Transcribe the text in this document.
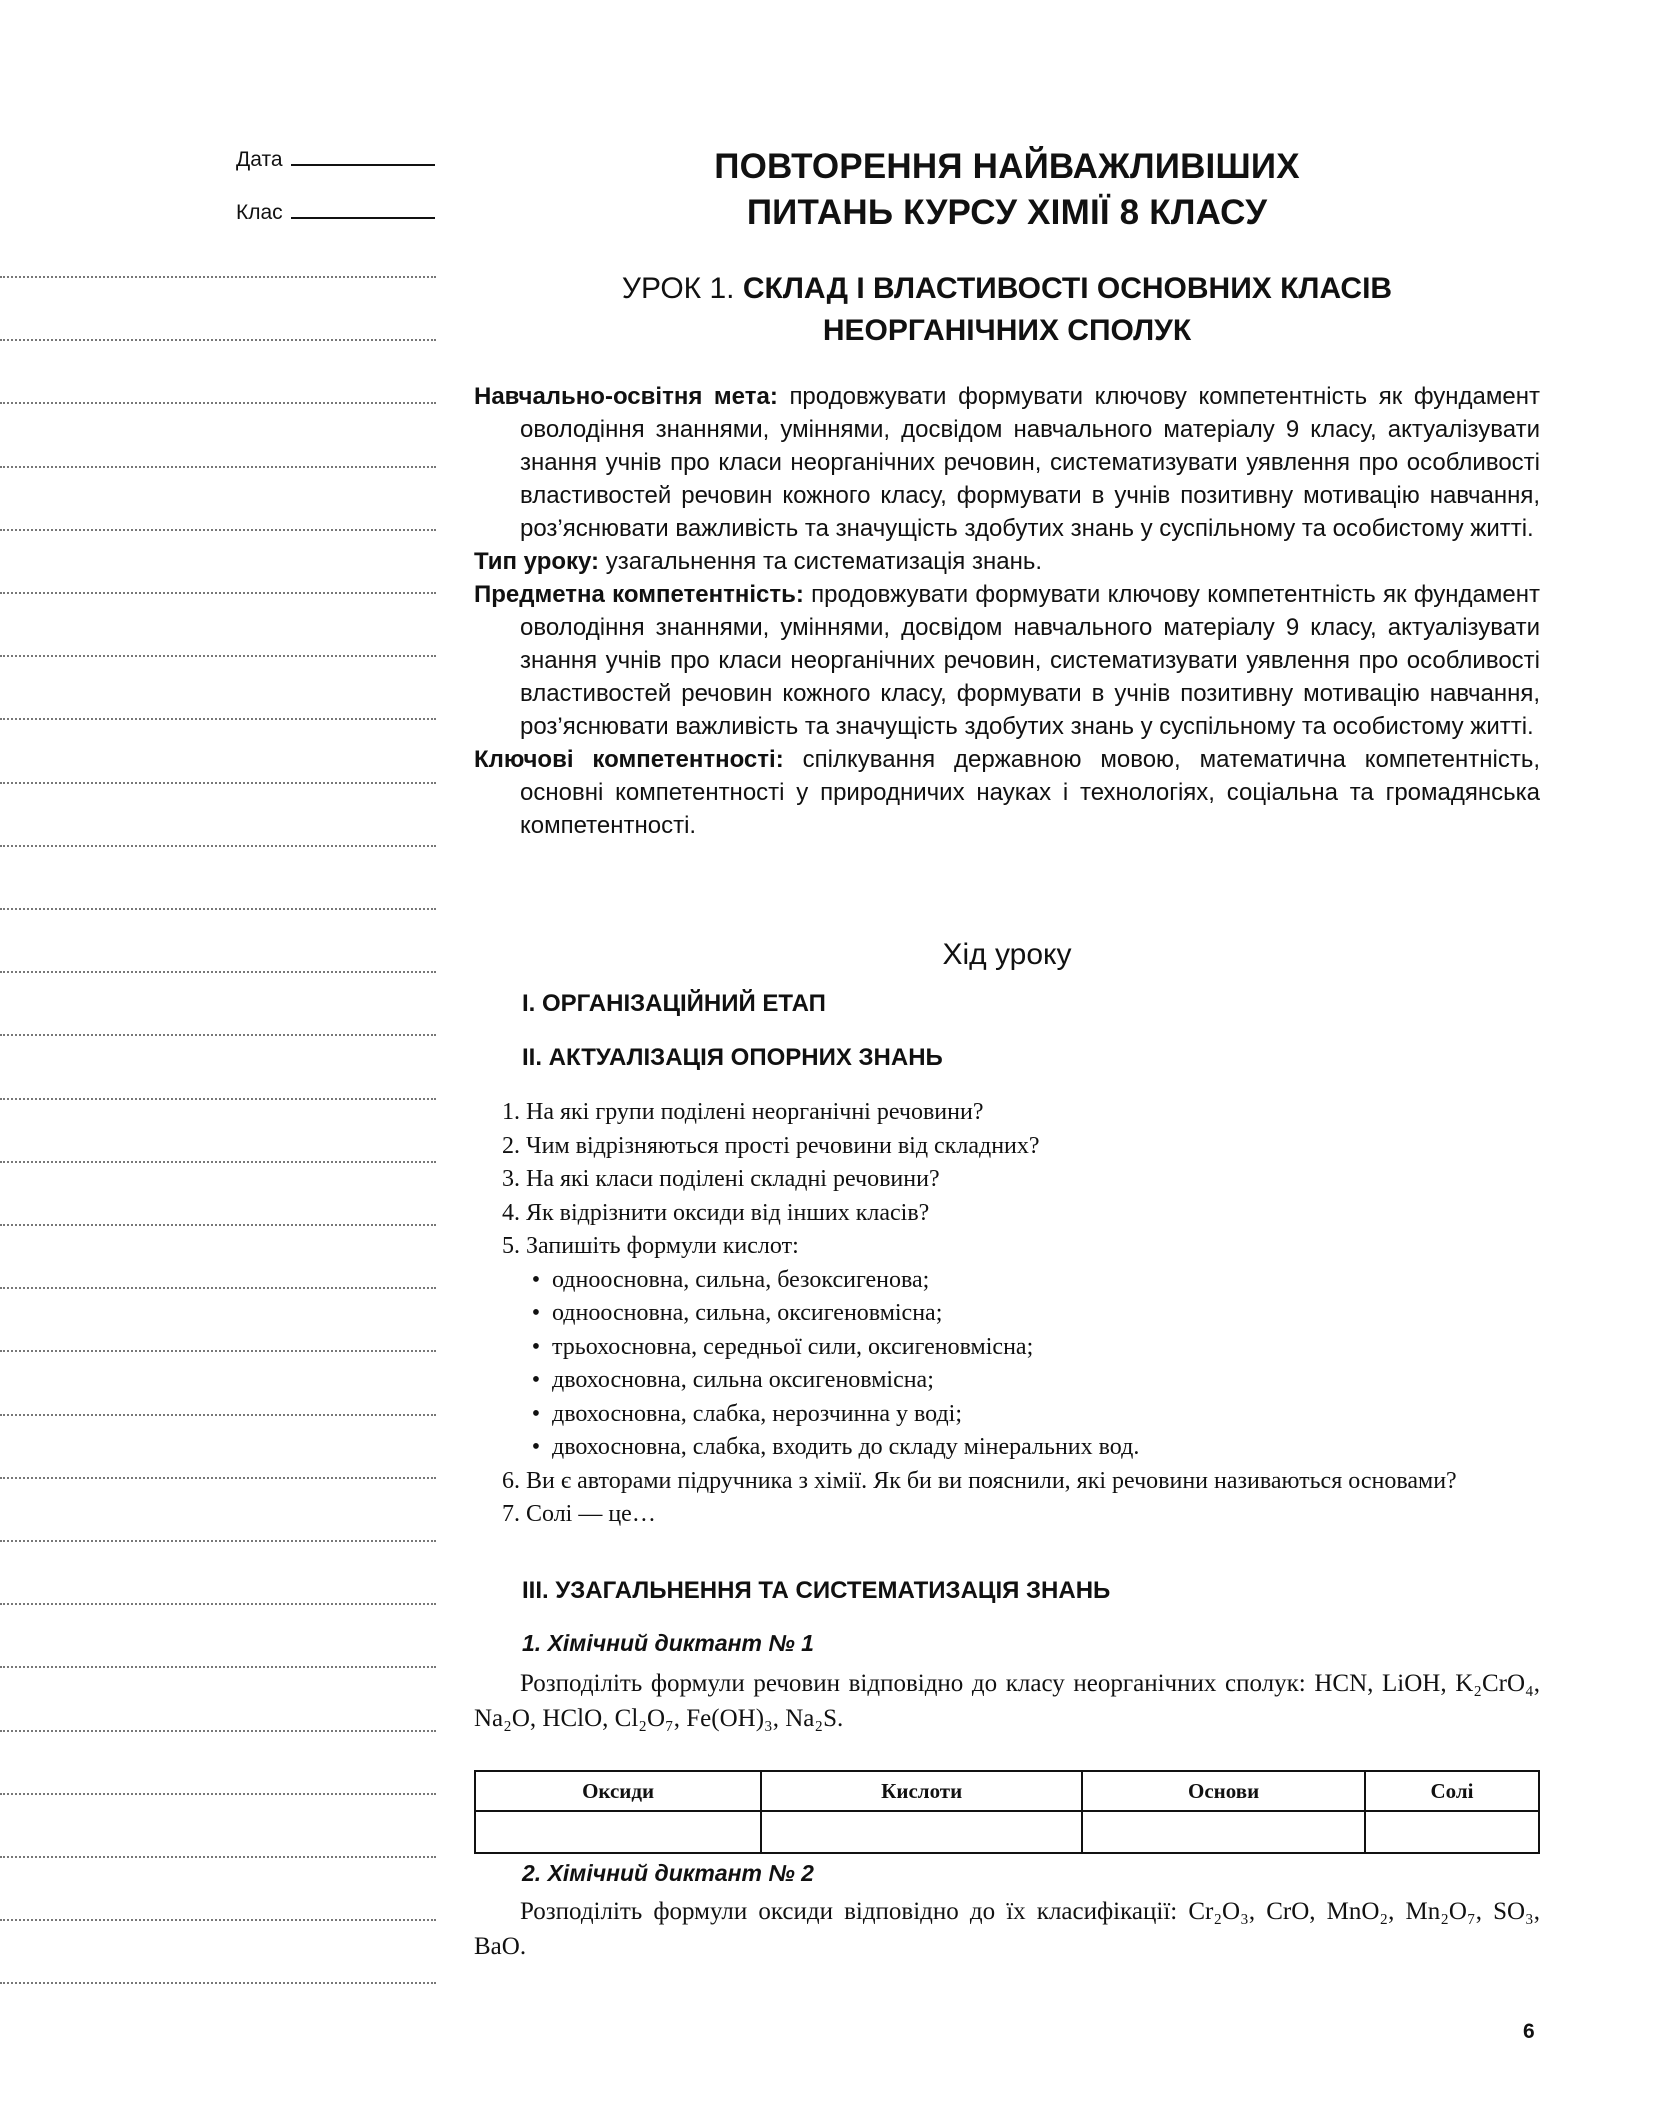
Дата
Клас
ПОВТОРЕННЯ НАЙВАЖЛИВІШИХ
ПИТАНЬ КУРСУ ХІМІЇ 8 КЛАСУ
УРОК 1. СКЛАД І ВЛАСТИВОСТІ ОСНОВНИХ КЛАСІВ
НЕОРГАНІЧНИХ СПОЛУК

Навчально-освітня мета: продовжувати формувати ключову компетентність як фундамент оволодіння знаннями, уміннями, досвідом навчального матеріалу 9 класу, актуалізувати знання учнів про класи неорганічних речовин, систематизувати уявлення про особливості властивостей речовин кожного класу, формувати в учнів позитивну мотивацію навчання, роз’яснювати важливість та значущість здобутих знань у суспільному та особистому житті.

Тип уроку: узагальнення та систематизація знань.

Предметна компетентність: продовжувати формувати ключову компетентність як фундамент оволодіння знаннями, уміннями, досвідом навчального матеріалу 9 класу, актуалізувати знання учнів про класи неорганічних речовин, систематизувати уявлення про особливості властивостей речовин кожного класу, формувати в учнів позитивну мотивацію навчання, роз’яснювати важливість та значущість здобутих знань у суспільному та особистому житті.

Ключові компетентності: спілкування державною мовою, математична компетентність, основні компетентності у природничих науках і технологіях, соціальна та громадянська компетентності.

Хід уроку
I. ОРГАНІЗАЦІЙНИЙ ЕТАП
II. АКТУАЛІЗАЦІЯ ОПОРНИХ ЗНАНЬ
1. На які групи поділені неорганічні речовини?
2. Чим відрізняються прості речовини від складних?
3. На які класи поділені складні речовини?
4. Як відрізнити оксиди від інших класів?
5. Запишіть формули кислот:
• одноосновна, сильна, безоксигенова;
• одноосновна, сильна, оксигеновмісна;
• трьохосновна, середньої сили, оксигеновмісна;
• двохосновна, сильна оксигеновмісна;
• двохосновна, слабка, нерозчинна у воді;
• двохосновна, слабка, входить до складу мінеральних вод.
6. Ви є авторами підручника з хімії. Як би ви пояснили, які речовини називаються основами?
7. Солі — це…
III. УЗАГАЛЬНЕННЯ ТА СИСТЕМАТИЗАЦІЯ ЗНАНЬ
1. Хімічний диктант № 1
Розподіліть формули речовин відповідно до класу неорганічних сполук: HCN, LiOH, K₂CrO₄, Na₂O, HClO, Cl₂O₇, Fe(OH)₃, Na₂S.
Оксиди	Кислоти	Основи	Солі

2. Хімічний диктант № 2
Розподіліть формули оксиди відповідно до їх класифікації: Cr₂O₃, CrO, MnO₂, Mn₂O₇, SO₃, BaO.
6
